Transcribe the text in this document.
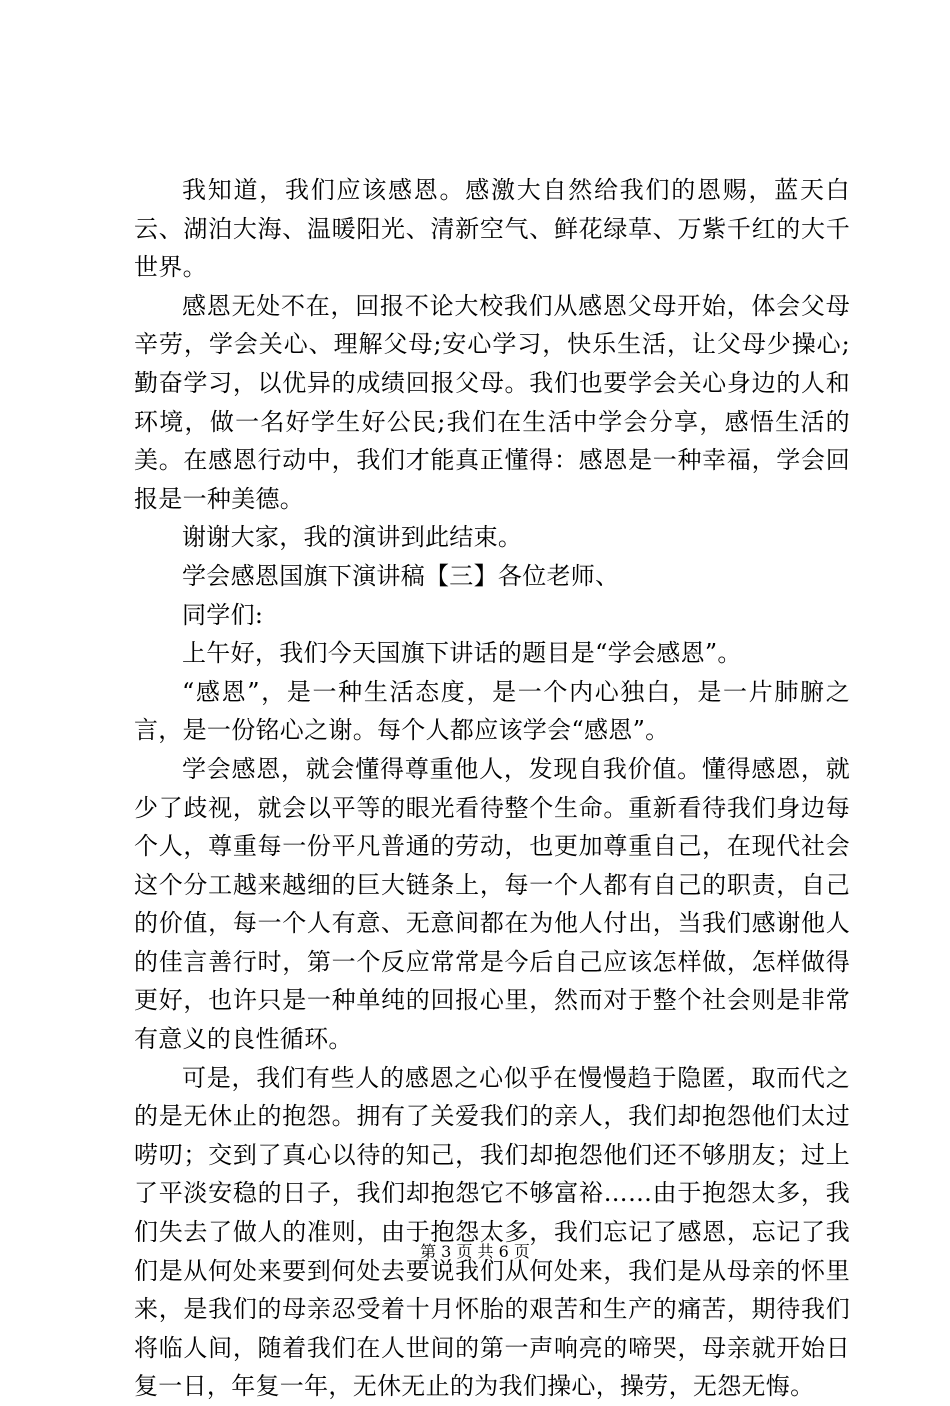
我知道，我们应该感恩。感激大自然给我们的恩赐，蓝天白云、湖泊大海、温暖阳光、清新空气、鲜花绿草、万紫千红的大千世界。

感恩无处不在，回报不论大校我们从感恩父母开始，体会父母辛劳，学会关心、理解父母;安心学习，快乐生活，让父母少操心;勤奋学习，以优异的成绩回报父母。我们也要学会关心身边的人和环境，做一名好学生好公民;我们在生活中学会分享，感悟生活的美。在感恩行动中，我们才能真正懂得：感恩是一种幸福，学会回报是一种美德。

谢谢大家，我的演讲到此结束。

学会感恩国旗下演讲稿【三】各位老师、

同学们:

上午好，我们今天国旗下讲话的题目是“学会感恩”。

“感恩”，是一种生活态度，是一个内心独白，是一片肺腑之言，是一份铭心之谢。每个人都应该学会“感恩”。

学会感恩，就会懂得尊重他人，发现自我价值。懂得感恩，就少了歧视，就会以平等的眼光看待整个生命。重新看待我们身边每个人，尊重每一份平凡普通的劳动，也更加尊重自己，在现代社会这个分工越来越细的巨大链条上，每一个人都有自己的职责，自己的价值，每一个人有意、无意间都在为他人付出，当我们感谢他人的佳言善行时，第一个反应常常是今后自己应该怎样做，怎样做得更好，也许只是一种单纯的回报心里，然而对于整个社会则是非常有意义的良性循环。

可是，我们有些人的感恩之心似乎在慢慢趋于隐匿，取而代之的是无休止的抱怨。拥有了关爱我们的亲人，我们却抱怨他们太过唠叨；交到了真心以待的知己，我们却抱怨他们还不够朋友；过上了平淡安稳的日子，我们却抱怨它不够富裕……由于抱怨太多，我们失去了做人的准则，由于抱怨太多，我们忘记了感恩，忘记了我们是从何处来要到何处去要说我们从何处来，我们是从母亲的怀里来，是我们的母亲忍受着十月怀胎的艰苦和生产的痛苦，期待我们将临人间，随着我们在人世间的第一声响亮的啼哭，母亲就开始日复一日，年复一年，无休无止的为我们操心，操劳，无怨无悔。

第 3 页 共 6 页
